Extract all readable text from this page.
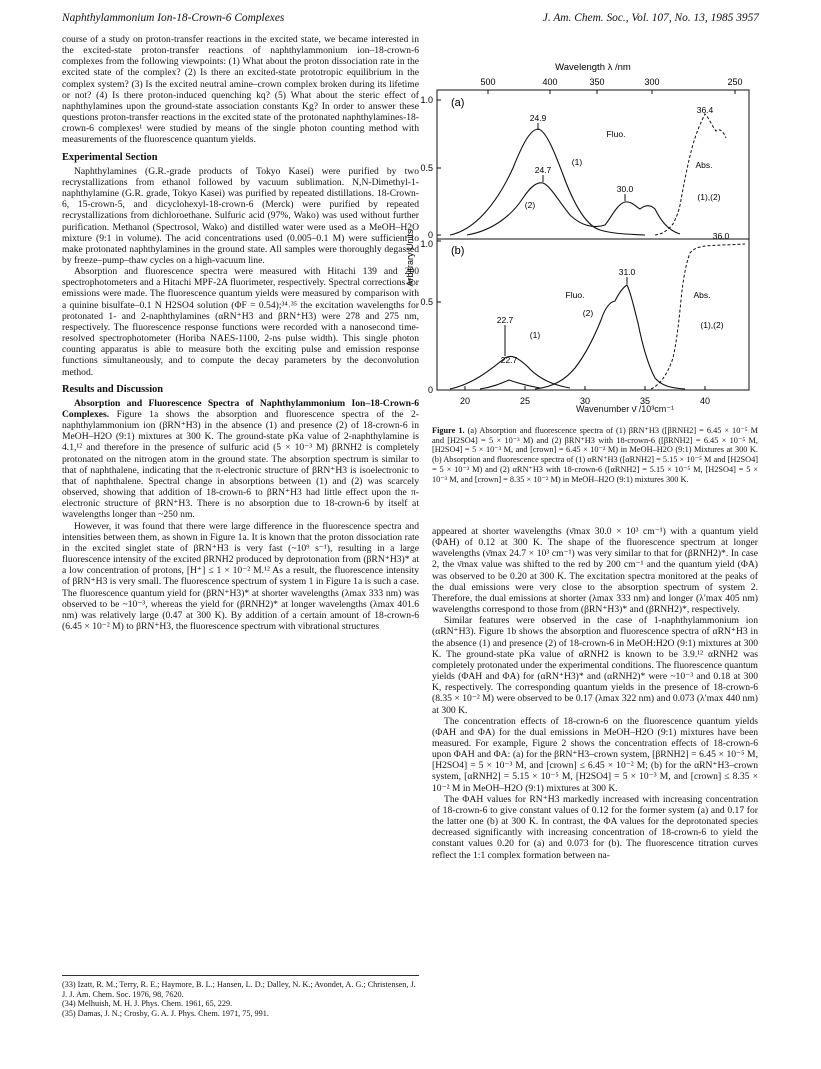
Naphthylammonium Ion-18-Crown-6 Complexes	J. Am. Chem. Soc., Vol. 107, No. 13, 1985 3957

course of a study on proton-transfer reactions in the excited state, we became interested in the excited-state proton-transfer reactions of naphthylammonium ion–18-crown-6 complexes from the following viewpoints: (1) What about the proton dissociation rate in the excited state of the complex? (2) Is there an excited-state prototropic equilibrium in the complex system? (3) Is the excited neutral amine–crown complex broken during its lifetime or not? (4) Is there proton-induced quenching kq? (5) What about the steric effect of naphthylamines upon the ground-state association constants Kg? In order to answer these questions proton-transfer reactions in the excited state of the protonated naphthylamines-18-crown-6 complexes¹ were studied by means of the single photon counting method with measurements of the fluorescence quantum yields.

Experimental Section

Naphthylamines (G.R.-grade products of Tokyo Kasei) were purified by two recrystallizations from ethanol followed by vacuum sublimation. N,N-Dimethyl-1-naphthylamine (G.R. grade, Tokyo Kasei) was purified by repeated distillations. 18-Crown-6, 15-crown-5, and dicyclohexyl-18-crown-6 (Merck) were purified by repeated recrystallizations from dichloroethane. Sulfuric acid (97%, Wako) was used without further purification. Methanol (Spectrosol, Wako) and distilled water were used as a MeOH–H2O mixture (9:1 in volume). The acid concentrations used (0.005–0.1 M) were sufficient to make protonated naphthylamines in the ground state. All samples were thoroughly degassed by freeze–pump–thaw cycles on a high-vacuum line.

Absorption and fluorescence spectra were measured with Hitachi 139 and 200 spectrophotometers and a Hitachi MPF-2A fluorimeter, respectively. Spectral corrections for emissions were made. The fluorescence quantum yields were measured by comparison with a quinine bisulfate–0.1 N H2SO4 solution (ΦF = 0.54);³⁴˒³⁵ the excitation wavelengths for protonated 1- and 2-naphthylamines (αRN⁺H3 and βRN⁺H3) were 278 and 275 nm, respectively. The fluorescence response functions were recorded with a nanosecond time-resolved spectrophotometer (Horiba NAES-1100, 2-ns pulse width). This single photon counting apparatus is able to measure both the exciting pulse and emission response functions simultaneously, and to compute the decay parameters by the deconvolution method.

Results and Discussion

Absorption and Fluorescence Spectra of Naphthylammonium Ion–18-Crown-6 Complexes. Figure 1a shows the absorption and fluorescence spectra of the 2-naphthylammonium ion (βRN⁺H3) in the absence (1) and presence (2) of 18-crown-6 in MeOH–H2O (9:1) mixtures at 300 K. The ground-state pKa value of 2-naphthylamine is 4.1,¹² and therefore in the presence of sulfuric acid (5 × 10⁻³ M) βRNH2 is completely protonated on the nitrogen atom in the ground state. The absorption spectrum is similar to that of naphthalene, indicating that the π-electronic structure of βRN⁺H3 is isoelectronic to that of naphthalene. Spectral change in absorptions between (1) and (2) was scarcely observed, showing that addition of 18-crown-6 to βRN⁺H3 had little effect upon the π-electronic structure of βRN⁺H3. There is no absorption due to 18-crown-6 by itself at wavelengths longer than ~250 nm.

However, it was found that there were large difference in the fluorescence spectra and intensities between them, as shown in Figure 1a. It is known that the proton dissociation rate in the excited singlet state of βRN⁺H3 is very fast (~10⁹ s⁻¹), resulting in a large fluorescence intensity of the excited βRNH2 produced by deprotonation from (βRN⁺H3)* at a low concentration of protons, [H⁺] ≤ 1 × 10⁻² M.¹² As a result, the fluorescence intensity of βRN⁺H3 is very small. The fluorescence spectrum of system 1 in Figure 1a is such a case. The fluorescence quantum yield for (βRN⁺H3)* at shorter wavelengths (λmax 333 nm) was observed to be ~10⁻³, whereas the yield for (βRNH2)* at longer wavelengths (λmax 401.6 nm) was relatively large (0.47 at 300 K). By addition of a certain amount of 18-crown-6 (6.45 × 10⁻² M) to βRN⁺H3, the fluorescence spectrum with vibrational structures

(33) Izatt, R. M.; Terry, R. E.; Haymore, B. L.; Hansen, L. D.; Dalley, N. K.; Avondet, A. G.; Christensen, J. J. J. Am. Chem. Soc. 1976, 98, 7620.
(34) Melhuish, M. H. J. Phys. Chem. 1961, 65, 229.
(35) Damas, J. N.; Crosby, G. A. J. Phys. Chem. 1971, 75, 991.
Wavelength λ /nm
500	400	350	300	250
1.0
0.5
0
1.0
0.5
0
Arbitrary Units
(a)
24.9
Fluo.
36.4
24.7
(1)
30.0
Abs.
(2)
(1),(2)
(b)
36.0
31.0
Fluo.	Abs.
(2)
22.7
(1)
(1),(2)
22.7
20	25	30	35	40
Wavenumber ν̄ /10³cm⁻¹
Figure 1. (a) Absorption and fluorescence spectra of (1) βRN⁺H3 ([βRNH2] = 6.45 × 10⁻⁵ M and [H2SO4] = 5 × 10⁻³ M) and (2) βRN⁺H3 with 18-crown-6 ([βRNH2] = 6.45 × 10⁻⁵ M, [H2SO4] = 5 × 10⁻³ M, and [crown] = 6.45 × 10⁻² M) in MeOH–H2O (9:1) Mixtures at 300 K. (b) Absorption and fluorescence spectra of (1) αRN⁺H3 ([αRNH2] = 5.15 × 10⁻⁵ M and [H2SO4] = 5 × 10⁻³ M) and (2) αRN⁺H3 with 18-crown-6 ([αRNH2] = 5.15 × 10⁻⁵ M, [H2SO4] = 5 × 10⁻³ M, and [crown] = 8.35 × 10⁻² M) in MeOH–H2O (9:1) mixtures 300 K.

appeared at shorter wavelengths (ν̄max 30.0 × 10³ cm⁻¹) with a quantum yield (ΦAH) of 0.12 at 300 K. The shape of the fluorescence spectrum at longer wavelengths (ν̄max 24.7 × 10³ cm⁻¹) was very similar to that for (βRNH2)*. In case 2, the ν̄max value was shifted to the red by 200 cm⁻¹ and the quantum yield (ΦA) was observed to be 0.20 at 300 K. The excitation spectra monitored at the peaks of the dual emissions were very close to the absorption spectrum of system 2. Therefore, the dual emissions at shorter (λmax 333 nm) and longer (λ′max 405 nm) wavelengths correspond to those from (βRN⁺H3)* and (βRNH2)*, respectively.

Similar features were observed in the case of 1-naphthylammonium ion (αRN⁺H3). Figure 1b shows the absorption and fluorescence spectra of αRN⁺H3 in the absence (1) and presence (2) of 18-crown-6 in MeOH:H2O (9:1) mixtures at 300 K. The ground-state pKa value of αRNH2 is known to be 3.9.¹² αRNH2 was completely protonated under the experimental conditions. The fluorescence quantum yields (ΦAH and ΦA) for (αRN⁺H3)* and (αRNH2)* were ~10⁻³ and 0.18 at 300 K, respectively. The corresponding quantum yields in the presence of 18-crown-6 (8.35 × 10⁻² M) were observed to be 0.17 (λmax 322 nm) and 0.073 (λ′max 440 nm) at 300 K.

The concentration effects of 18-crown-6 on the fluorescence quantum yields (ΦAH and ΦA) for the dual emissions in MeOH–H2O (9:1) mixtures have been measured. For example, Figure 2 shows the concentration effects of 18-crown-6 upon ΦAH and ΦA: (a) for the βRN⁺H3–crown system, [βRNH2] = 6.45 × 10⁻⁵ M, [H2SO4] = 5 × 10⁻³ M, and [crown] ≤ 6.45 × 10⁻² M; (b) for the αRN⁺H3–crown system, [αRNH2] = 5.15 × 10⁻⁵ M, [H2SO4] = 5 × 10⁻³ M, and [crown] ≤ 8.35 × 10⁻² M in MeOH–H2O (9:1) mixtures at 300 K.

The ΦAH values for RN⁺H3 markedly increased with increasing concentration of 18-crown-6 to give constant values of 0.12 for the former system (a) and 0.17 for the latter one (b) at 300 K. In contrast, the ΦA values for the deprotonated species decreased significantly with increasing concentration of 18-crown-6 to yield the constant values 0.20 for (a) and 0.073 for (b). The fluorescence titration curves reflect the 1:1 complex formation between na-
